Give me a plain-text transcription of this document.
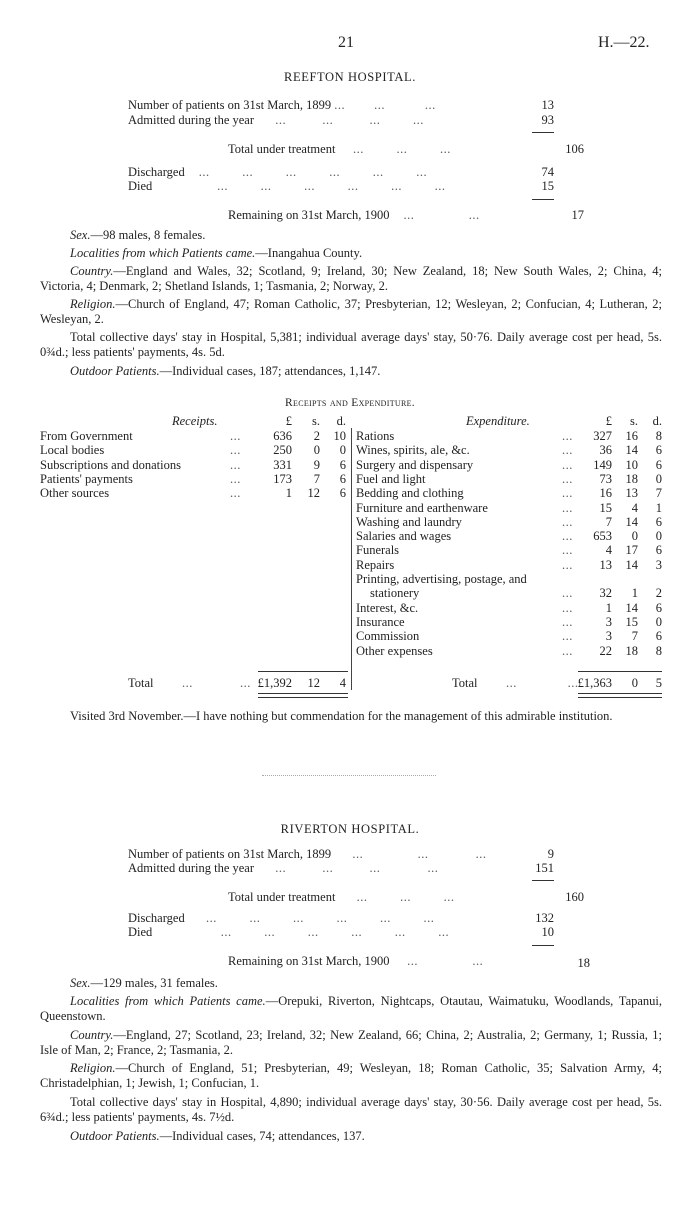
21	H.—22.
REEFTON HOSPITAL.
Number of patients on 31st March, 1899 ...        ...           ...	13
Admitted during the year      ...          ...          ...         ...	93
Total under treatment     ...         ...         ...	106
Discharged    ...         ...         ...         ...         ...         ...	74
Died                  ...         ...         ...         ...         ...         ...	15
Remaining on 31st March, 1900    ...               ...	17
Sex.—98 males, 8 females.
Localities from which Patients came.—Inangahua County.
Country.—England and Wales, 32; Scotland, 9; Ireland, 30; New Zealand, 18; New South Wales, 2; China, 4; Victoria, 4; Denmark, 2; Shetland Islands, 1; Tasmania, 2; Norway, 2.
Religion.—Church of England, 47; Roman Catholic, 37; Presbyterian, 12; Wesleyan, 2; Confucian, 4; Lutheran, 2; Wesleyan, 2.
Total collective days' stay in Hospital, 5,381; individual average days' stay, 50·76. Daily average cost per head, 5s. 0¾d.; less patients' payments, 4s. 5d.
Outdoor Patients.—Individual cases, 187; attendances, 1,147.
Receipts and Expenditure.
Receipts.	Expenditure.
£	s.	d.	£	s.	d.
From Government	...	636	2	10
Local bodies	...	250	0	0
Subscriptions and donations	...	331	9	6
Patients' payments	...	173	7	6
Other sources	...	1	12	6
Rations	... 327	16	8
Wines, spirits, ale, &c.	...	36	14	6
Surgery and dispensary	... 149	10	6
Fuel and light	...	73	18	0
Bedding and clothing	...	16	13	7
Furniture and earthenware	...	15	4	1
Washing and laundry	...	7	14	6
Salaries and wages	... 653	0	0
Funerals	...	4	17	6
Repairs	...	13	14	3
Printing, advertising, postage, and
stationery	...	32	1	2
Interest, &c.	...	1	14	6
Insurance	...	3	15	0
Commission	...	3	7	6
Other expenses	...	22	18	8
Total        ...             ... £1,392	12	4	Total        ...              ... £1,363	0	5
Visited 3rd November.—I have nothing but commendation for the management of this admirable institution.
RIVERTON HOSPITAL.
Number of patients on 31st March, 1899      ...               ...             ...	9
Admitted during the year      ...          ...          ...             ...	151
Total under treatment      ...         ...         ...	160
Discharged      ...         ...         ...         ...         ...         ...	132
Died                   ...         ...         ...         ...         ...         ...	10
Remaining on 31st March, 1900     ...               ...	18
Sex.—129 males, 31 females.
Localities from which Patients came.—Orepuki, Riverton, Nightcaps, Otautau, Waimatuku, Woodlands, Tapanui, Queenstown.
Country.—England, 27; Scotland, 23; Ireland, 32; New Zealand, 66; China, 2; Australia, 2; Germany, 1; Russia, 1; Isle of Man, 2; France, 2; Tasmania, 2.
Religion.—Church of England, 51; Presbyterian, 49; Wesleyan, 18; Roman Catholic, 35; Salvation Army, 4; Christadelphian, 1; Jewish, 1; Confucian, 1.
Total collective days' stay in Hospital, 4,890; individual average days' stay, 30·56. Daily average cost per head, 5s. 6¾d.; less patients' payments, 4s. 7½d.
Outdoor Patients.—Individual cases, 74; attendances, 137.
